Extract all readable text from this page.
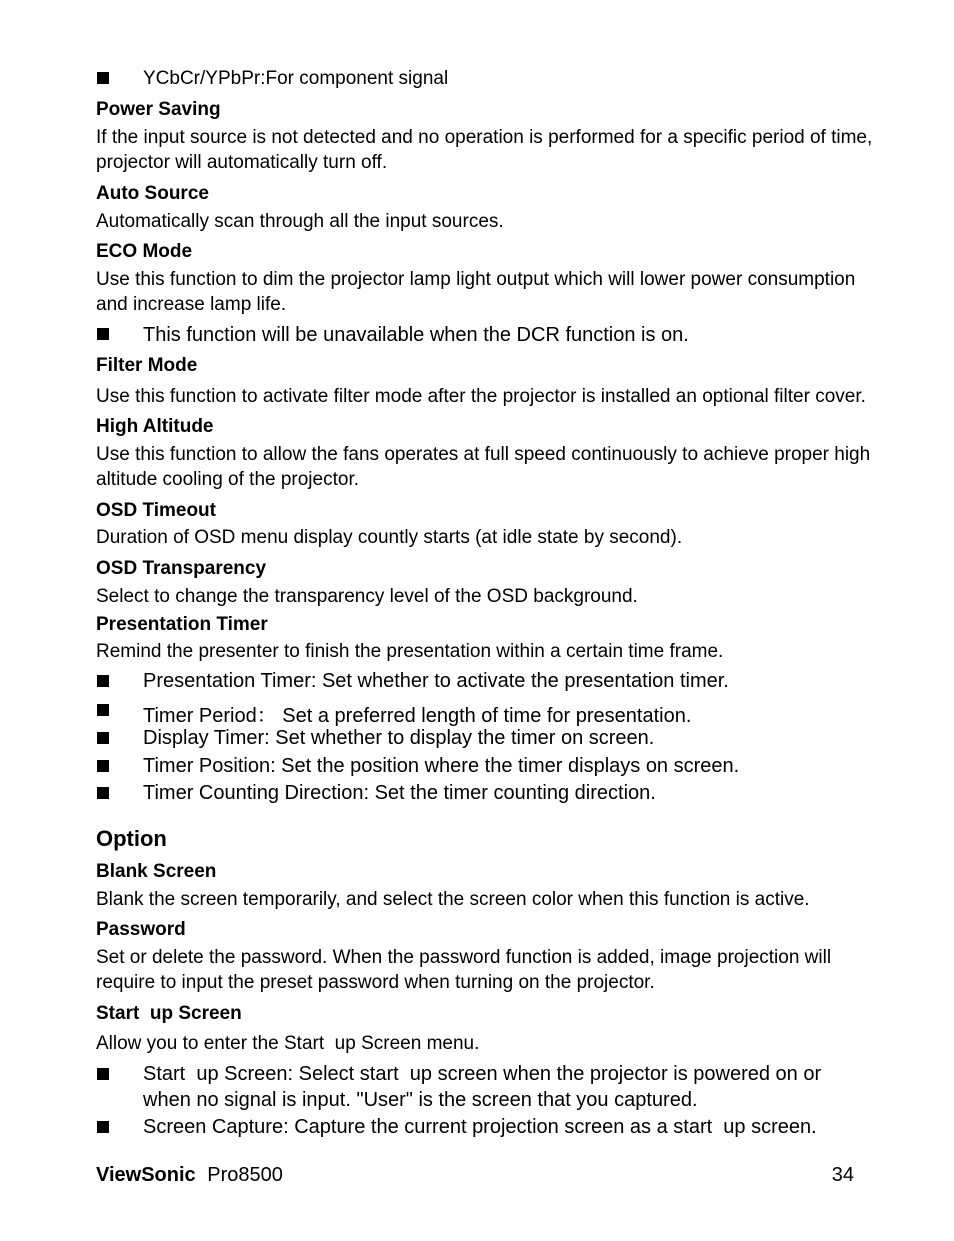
YCbCr/YPbPr:For component signal
Power Saving
If the input source is not detected and no operation is performed for a specific period of time,
projector will automatically turn off.
Auto Source
Automatically scan through all the input sources.
ECO Mode
Use this function to dim the projector lamp light output which will lower power consumption
and increase lamp life.
This function will be unavailable when the DCR function is on.
Filter Mode
Use this function to activate filter mode after the projector is installed an optional filter cover.
High Altitude
Use this function to allow the fans operates at full speed continuously to achieve proper high
altitude cooling of the projector.
OSD Timeout
Duration of OSD menu display countly starts (at idle state by second).
OSD Transparency
Select to change the transparency level of the OSD background.
Presentation Timer
Remind the presenter to finish the presentation within a certain time frame.
Presentation Timer: Set whether to activate the presentation timer.
Timer Period： Set a preferred length of time for presentation.
Display Timer: Set whether to display the timer on screen.
Timer Position: Set the position where the timer displays on screen.
Timer Counting Direction: Set the timer counting direction.
Option
Blank Screen
Blank the screen temporarily, and select the screen color when this function is active.
Password
Set or delete the password. When the password function is added, image projection will
require to input the preset password when turning on the projector.
Start  up Screen
Allow you to enter the Start  up Screen menu.
Start  up Screen: Select start  up screen when the projector is powered on or
when no signal is input. "User" is the screen that you captured.
Screen Capture: Capture the current projection screen as a start  up screen.
ViewSonic Pro8500	34
